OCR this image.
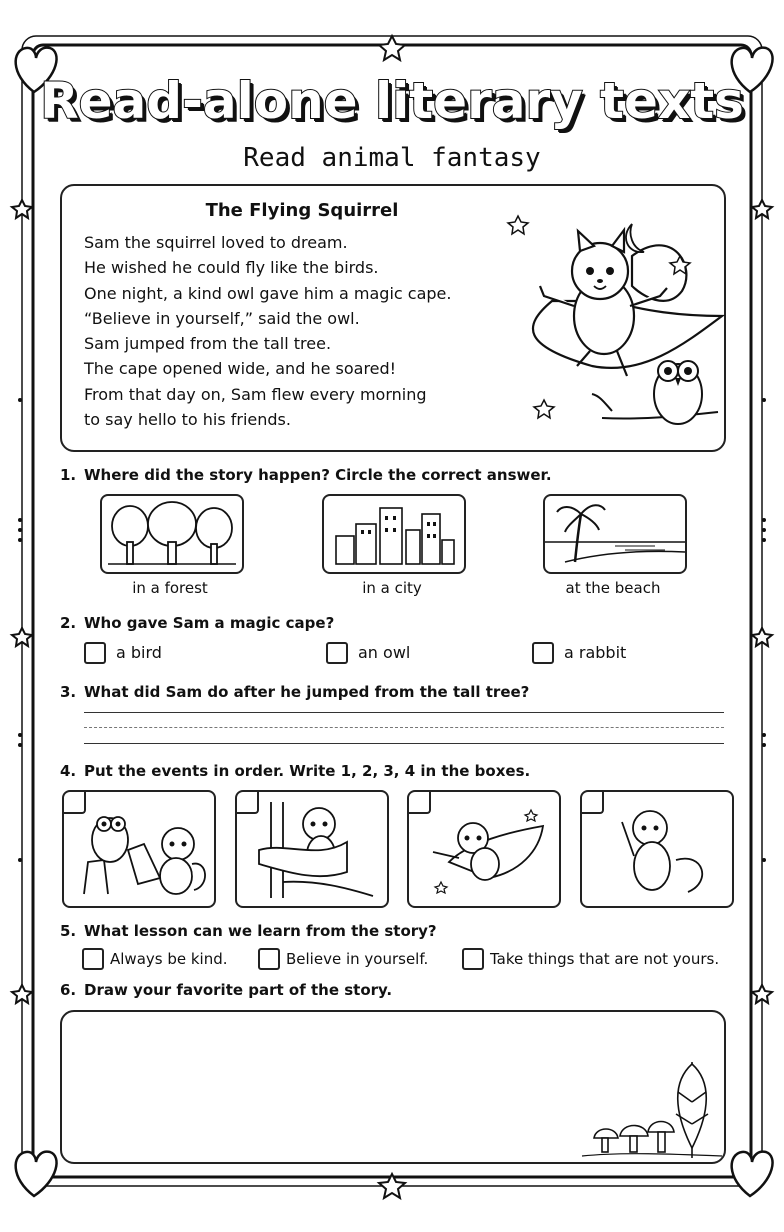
Read-alone literary texts
Read animal fantasy
The Flying Squirrel
Sam the squirrel loved to dream.
He wished he could fly like the birds.
One night, a kind owl gave him a magic cape.
“Believe in yourself,” said the owl.
Sam jumped from the tall tree.
The cape opened wide, and he soared!
From that day on, Sam flew every morning
to say hello to his friends.
1. Where did the story happen? Circle the correct answer.
in a forest	in a city	at the beach
2. Who gave Sam a magic cape?
a bird	an owl	a rabbit
3. What did Sam do after he jumped from the tall tree?
4. Put the events in order. Write 1, 2, 3, 4 in the boxes.
5. What lesson can we learn from the story?
Always be kind.	Believe in yourself.	Take things that are not yours.
6. Draw your favorite part of the story.
